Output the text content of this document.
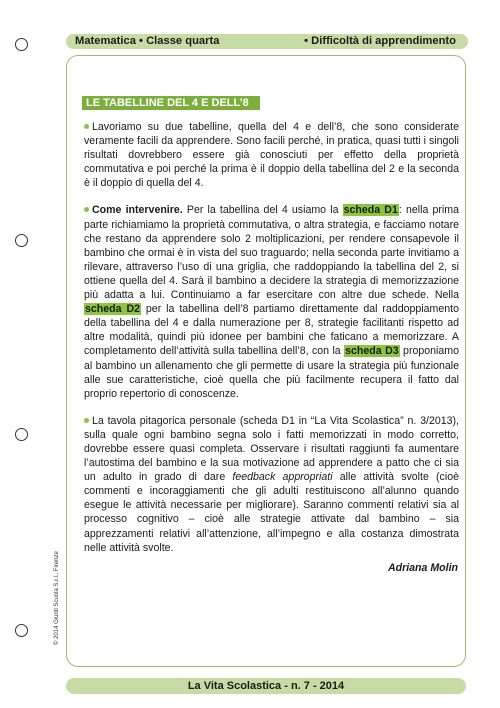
Matematica • Classe quarta	• Difficoltà di apprendimento
LE TABELLINE DEL 4 E DELL’8

Lavoriamo su due tabelline, quella del 4 e dell’8, che sono considerate veramente facili da apprendere. Sono facili perché, in pratica, quasi tutti i singoli risultati dovrebbero essere già conosciuti per effetto della proprietà commutativa e poi perché la prima è il doppio della tabellina del 2 e la seconda è il doppio di quella del 4.

Come intervenire. Per la tabellina del 4 usiamo la scheda D1: nella prima parte richiamiamo la proprietà commutativa, o altra strategia, e facciamo notare che restano da apprendere solo 2 moltiplicazioni, per rendere consapevole il bambino che ormai è in vista del suo traguardo; nella seconda parte invitiamo a rilevare, attraverso l’uso di una griglia, che raddoppiando la tabellina del 2, si ottiene quella del 4. Sarà il bambino a decidere la strategia di memorizzazione più adatta a lui. Continuiamo a far esercitare con altre due schede. Nella scheda D2 per la tabellina dell’8 partiamo direttamente dal raddoppiamento della tabellina del 4 e dalla numerazione per 8, strategie facilitanti rispetto ad altre modalità, quindi più idonee per bambini che faticano a memorizzare. A completamento dell’attività sulla tabellina dell’8, con la scheda D3 proponiamo al bambino un allenamento che gli permette di usare la strategia più funzionale alle sue caratteristiche, cioè quella che più facilmente recupera il fatto dal proprio repertorio di conoscenze.

La tavola pitagorica personale (scheda D1 in “La Vita Scolastica” n. 3/2013), sulla quale ogni bambino segna solo i fatti memorizzati in modo corretto, dovrebbe essere quasi completa. Osservare i risultati raggiunti fa aumentare l’autostima del bambino e la sua motivazione ad apprendere a patto che ci sia un adulto in grado di dare feedback appropriati alle attività svolte (cioè commenti e incoraggiamenti che gli adulti restituiscono all’alunno quando esegue le attività necessarie per migliorare). Saranno commenti relativi sia al processo cognitivo – cioè alle strategie attivate dal bambino – sia apprezzamenti relativi all’attenzione, all’impegno e alla costanza dimostrata nelle attività svolte.

Adriana Molin
© 2014 Giunti Scuola S.r.l., Firenze
La Vita Scolastica - n. 7 - 2014
